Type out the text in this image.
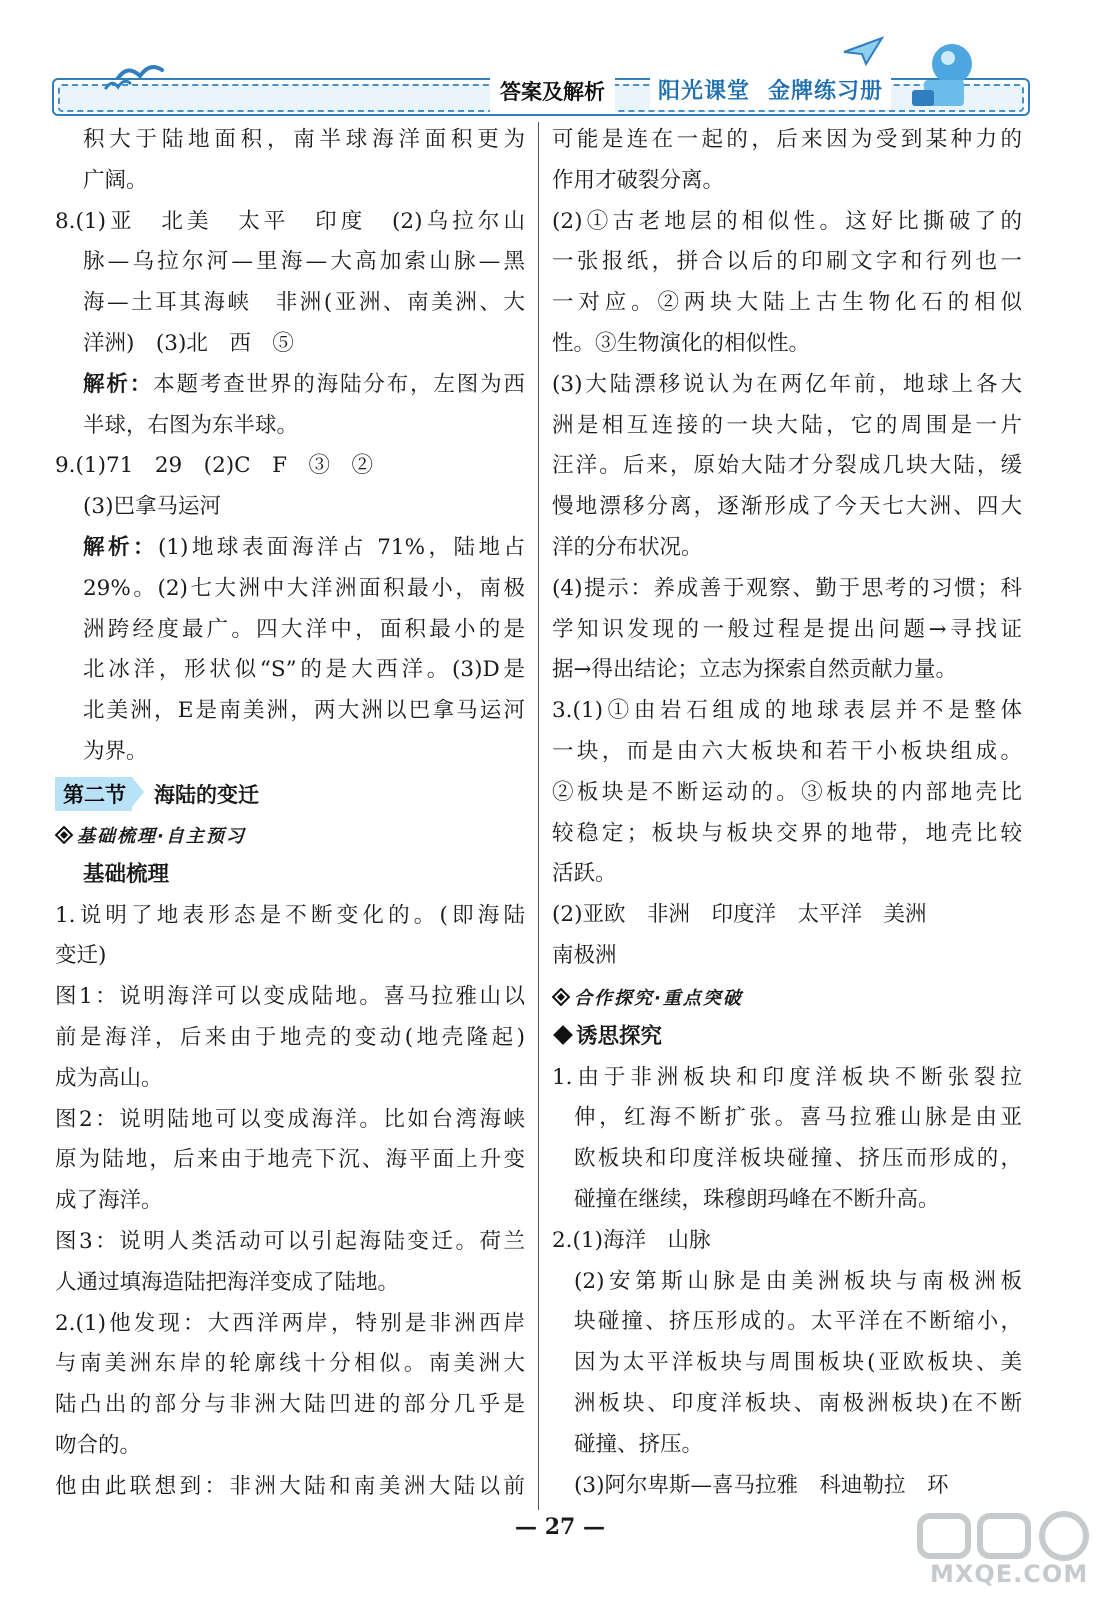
答案及解析	阳光课堂 金牌练习册

积大于陆地面积，南半球海洋面积更为

广阔。

8.(1)亚　北美　太平　印度　(2)乌拉尔山

脉—乌拉尔河—里海—大高加索山脉—黑

海—土耳其海峡　非洲(亚洲、南美洲、大

洋洲)　(3)北　西　⑤

解析：本题考查世界的海陆分布，左图为西

半球，右图为东半球。

9.(1)71　29　(2)C　F　③　②

(3)巴拿马运河

解析：(1)地球表面海洋占 71%，陆地占

29%。(2)七大洲中大洋洲面积最小，南极

洲跨经度最广。四大洋中，面积最小的是

北冰洋，形状似“S”的是大西洋。(3)D是

北美洲，E是南美洲，两大洲以巴拿马运河

为界。

第二节 海陆的变迁
基础梳理·自主预习
基础梳理

1.说明了地表形态是不断变化的。(即海陆

变迁)

图1：说明海洋可以变成陆地。喜马拉雅山以

前是海洋，后来由于地壳的变动(地壳隆起)

成为高山。

图2：说明陆地可以变成海洋。比如台湾海峡

原为陆地，后来由于地壳下沉、海平面上升变

成了海洋。

图3：说明人类活动可以引起海陆变迁。荷兰

人通过填海造陆把海洋变成了陆地。

2.(1)他发现：大西洋两岸，特别是非洲西岸

与南美洲东岸的轮廓线十分相似。南美洲大

陆凸出的部分与非洲大陆凹进的部分几乎是

吻合的。

他由此联想到：非洲大陆和南美洲大陆以前

可能是连在一起的，后来因为受到某种力的

作用才破裂分离。

(2)①古老地层的相似性。这好比撕破了的

一张报纸，拼合以后的印刷文字和行列也一

一对应。②两块大陆上古生物化石的相似

性。③生物演化的相似性。

(3)大陆漂移说认为在两亿年前，地球上各大

洲是相互连接的一块大陆，它的周围是一片

汪洋。后来，原始大陆才分裂成几块大陆，缓

慢地漂移分离，逐渐形成了今天七大洲、四大

洋的分布状况。

(4)提示：养成善于观察、勤于思考的习惯；科

学知识发现的一般过程是提出问题→寻找证

据→得出结论；立志为探索自然贡献力量。

3.(1)①由岩石组成的地球表层并不是整体

一块，而是由六大板块和若干小板块组成。

②板块是不断运动的。③板块的内部地壳比

较稳定；板块与板块交界的地带，地壳比较

活跃。

(2)亚欧　非洲　印度洋　太平洋　美洲

南极洲

合作探究·重点突破
诱思探究

1.由于非洲板块和印度洋板块不断张裂拉

伸，红海不断扩张。喜马拉雅山脉是由亚

欧板块和印度洋板块碰撞、挤压而形成的，

碰撞在继续，珠穆朗玛峰在不断升高。

2.(1)海洋　山脉

(2)安第斯山脉是由美洲板块与南极洲板

块碰撞、挤压形成的。太平洋在不断缩小，

因为太平洋板块与周围板块(亚欧板块、美

洲板块、印度洋板块、南极洲板块)在不断

碰撞、挤压。

(3)阿尔卑斯—喜马拉雅　科迪勒拉　环

— 27 —
MXQE.COM
